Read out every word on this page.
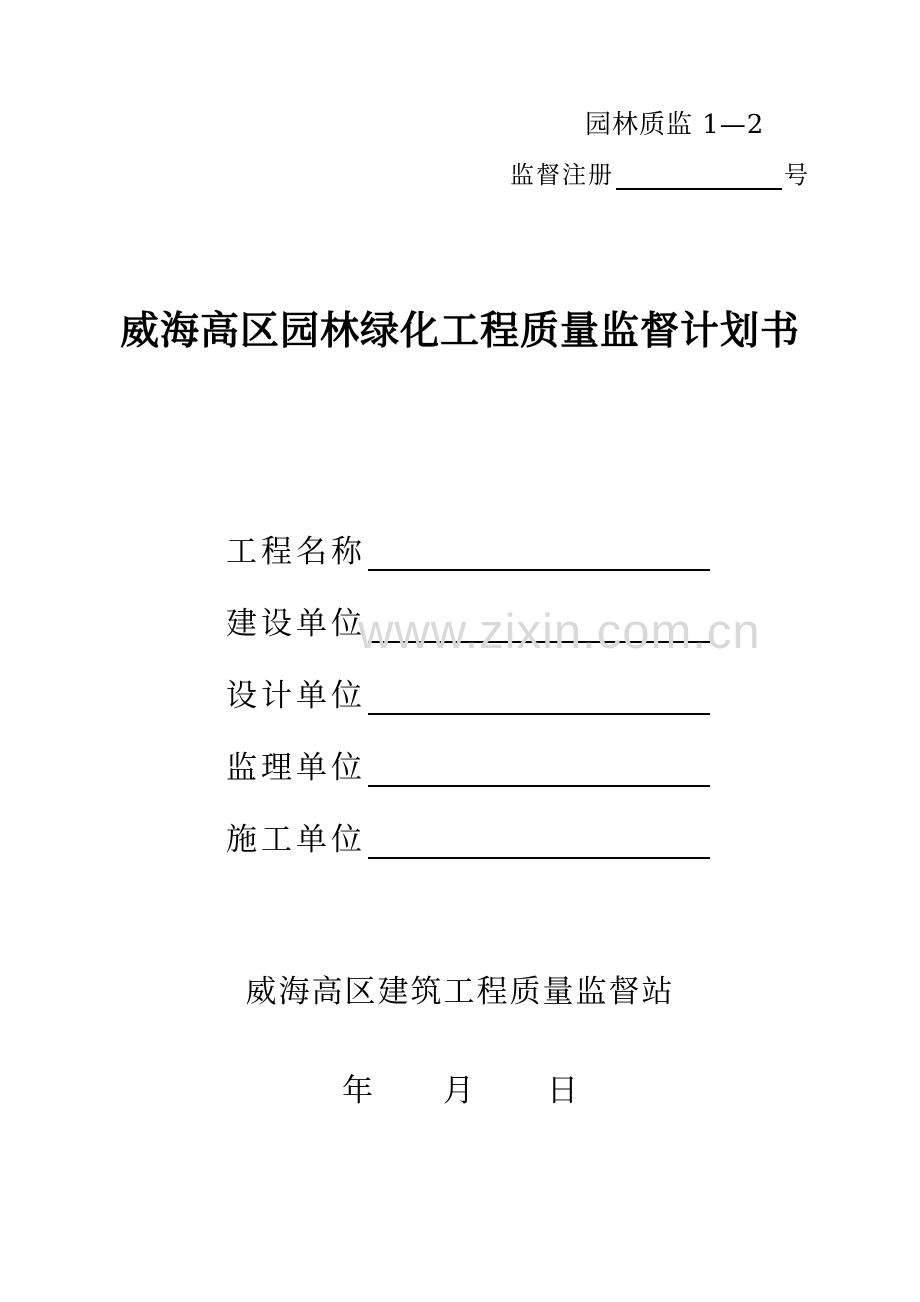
园林质监 1—2
监督注册	号
威海高区园林绿化工程质量监督计划书
工程名称
建设单位
设计单位
监理单位
施工单位
www.zixin.com.cn
威海高区建筑工程质量监督站
年 月 日
